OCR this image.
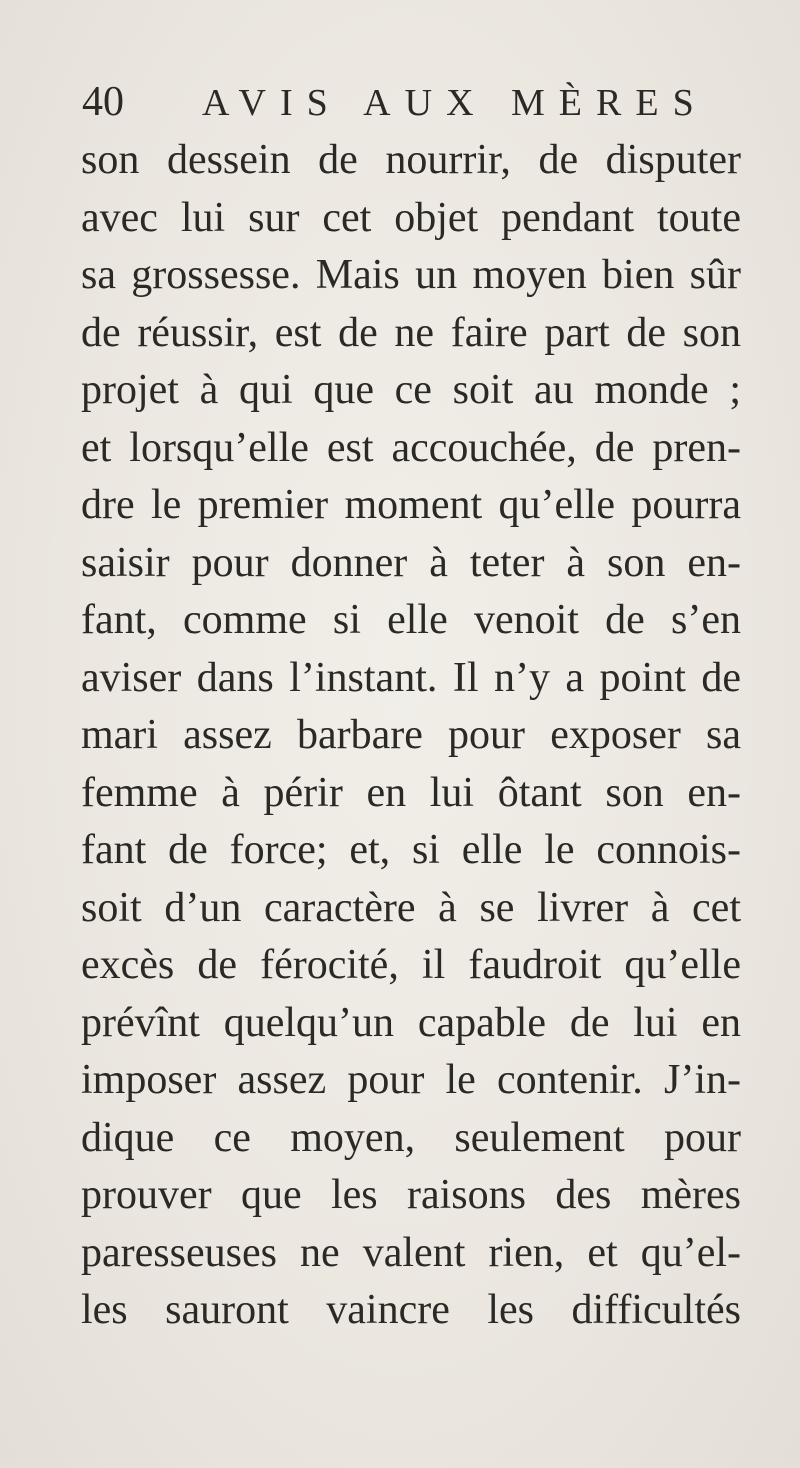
40	AVIS AUX MÈRES
son dessein de nourrir, de disputer
avec lui sur cet objet pendant toute
sa grossesse. Mais un moyen bien sûr
de réussir, est de ne faire part de son
projet à qui que ce soit au monde ;
et lorsqu’elle est accouchée, de pren-
dre le premier moment qu’elle pourra
saisir pour donner à teter à son en-
fant, comme si elle venoit de s’en
aviser dans l’instant. Il n’y a point de
mari assez barbare pour exposer sa
femme à périr en lui ôtant son en-
fant de force; et, si elle le connois-
soit d’un caractère à se livrer à cet
excès de férocité, il faudroit qu’elle
prévînt quelqu’un capable de lui en
imposer assez pour le contenir. J’in-
dique ce moyen, seulement pour
prouver que les raisons des mères
paresseuses ne valent rien, et qu’el-
les sauront vaincre les difficultés
